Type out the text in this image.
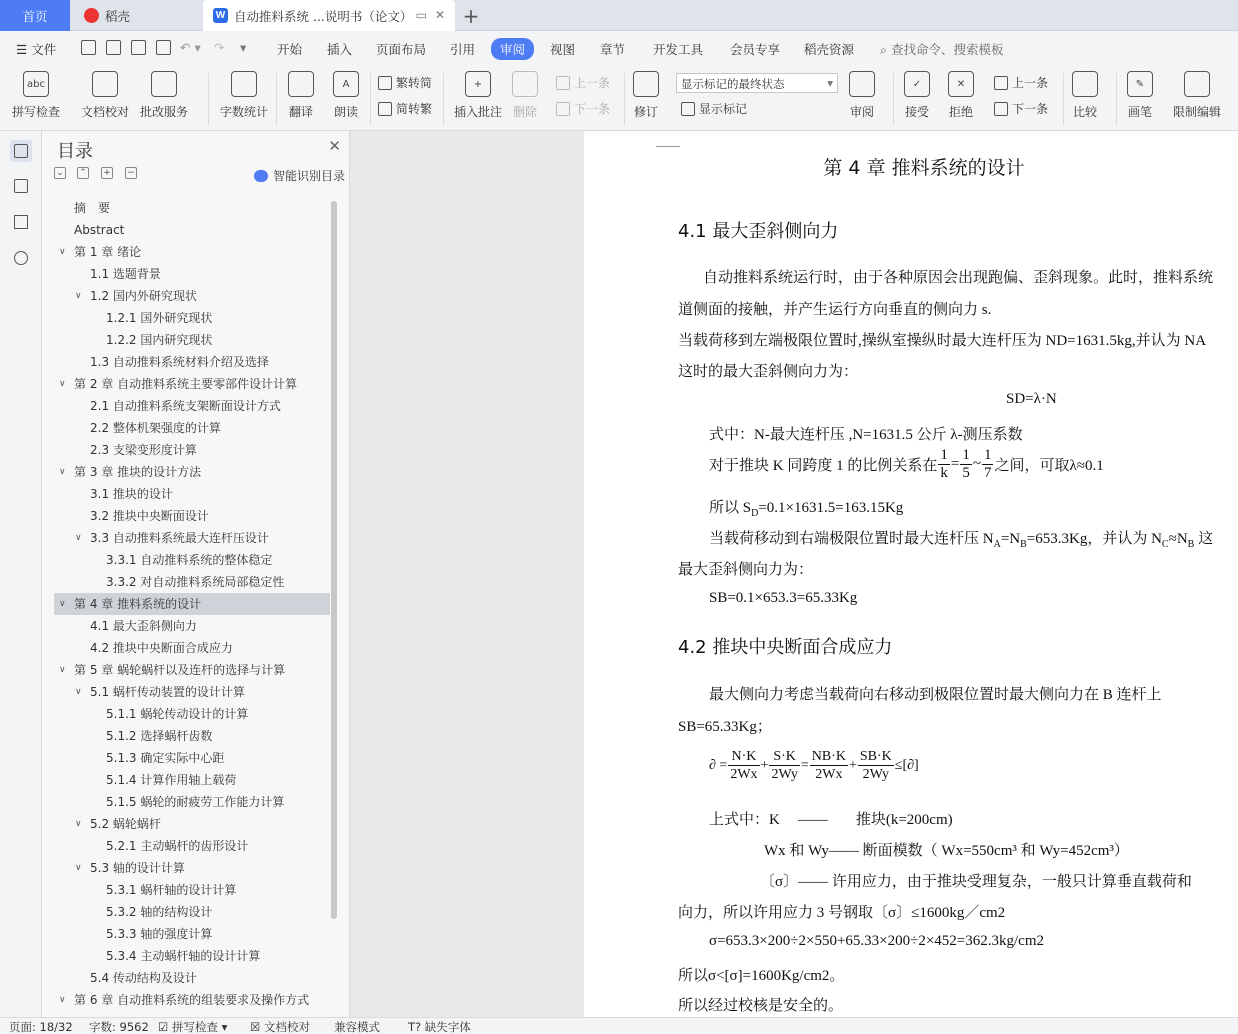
首页	稻壳	W 自动推料系统 ...说明书（论文） ▭ ✕ +
☰ 文件	↶ ▾ ↷ ▾ 开始 插入 页面布局 引用	审阅	视图 章节 开发工具 会员专享 稻壳资源 ⌕ 查找命令、搜索模板
abc
拼写检查 文档校对 批改服务	字数统计 翻译
A
朗读
繁转简
简转繁
+
插入批注 删除
上一条
下一条 修订
显示标记的最终状态 ▾
显示标记	审阅
✓
接受
✕
拒绝
上一条
下一条 比较
✎
画笔 限制编辑
目录	✕
⌄ ⌃ + −	智能识别目录
摘　要
Abstract
∨ 第 1 章 绪论
1.1 选题背景
∨ 1.2 国内外研究现状
1.2.1 国外研究现状
1.2.2 国内研究现状
1.3 自动推料系统材料介绍及选择
∨ 第 2 章 自动推料系统主要零部件设计计算
2.1 自动推料系统支架断面设计方式
2.2 整体机架强度的计算
2.3 支梁变形度计算
∨ 第 3 章 推块的设计方法
3.1 推块的设计
3.2 推块中央断面设计
∨ 3.3 自动推料系统最大连杆压设计
3.3.1 自动推料系统的整体稳定
3.3.2 对自动推料系统局部稳定性
∨ 第 4 章 推料系统的设计
4.1 最大歪斜侧向力
4.2 推块中央断面合成应力
∨ 第 5 章 蜗轮蜗杆以及连杆的选择与计算
∨ 5.1 蜗杆传动装置的设计计算
5.1.1 蜗轮传动设计的计算
5.1.2 选择蜗杆齿数
5.1.3 确定实际中心距
5.1.4 计算作用轴上载荷
5.1.5 蜗轮的耐疲劳工作能力计算
∨ 5.2 蜗轮蜗杆
5.2.1 主动蜗杆的齿形设计
∨ 5.3 轴的设计计算
5.3.1 蜗杆轴的设计计算
5.3.2 轴的结构设计
5.3.3 轴的强度计算
5.3.4 主动蜗杆轴的设计计算
5.4 传动结构及设计
∨ 第 6 章 自动推料系统的组装要求及操作方式
第 4 章 推料系统的设计
4.1 最大歪斜侧向力
自动推料系统运行时，由于各种原因会出现跑偏、歪斜现象。此时，推料系统
道侧面的接触，并产生运行方向垂直的侧向力 s.
当载荷移到左端极限位置时,操纵室操纵时最大连杆压为 ND=1631.5kg,并认为 NA
这时的最大歪斜侧向力为：
SD=λ·N
式中：N-最大连杆压 ,N=1631.5 公斤 λ-测压系数
对于推块 K 同跨度 1 的比例关系在 $\frac{1}{k} = \frac{1}{5}$ ~ $\frac{1}{7}$ 之间，可取λ≈0.1
所以 $S_D=0.1\times 1631.5=163.15Kg$
当载荷移动到右端极限位置时最大连杆压 $N_A=N_B=653.3Kg$，并认为 $N_C\approx N_B$ 这
最大歪斜侧向力为：
SB=0.1×653.3=65.33Kg
4.2 推块中央断面合成应力
最大侧向力考虑当载荷向右移动到极限位置时最大侧向力在 B 连杆上
SB=65.33Kg；
∂ = $\frac{N\cdot K}{2Wx} + \frac{S\cdot K}{2Wy} = \frac{NB\cdot K}{2Wx} + \frac{SB\cdot K}{2Wy}$ ≤[∂]
上式中：K —— 推块(k=200cm)
Wx 和 Wy—— 断面模数（ Wx=550cm³ 和 Wy=452cm³）
〔σ〕—— 许用应力，由于推块受理复杂，一般只计算垂直载荷和
向力，所以许用应力 3 号钢取〔σ〕≤1600kg／cm2
σ=653.3×200÷2×550+65.33×200÷2×452=362.3kg/cm2
所以σ<[σ]=1600Kg/cm2。
所以经过校核是安全的。
页面: 18/32 字数: 9562 ☑ 拼写检查 ▾ ☒ 文档校对 兼容模式 T? 缺失字体
